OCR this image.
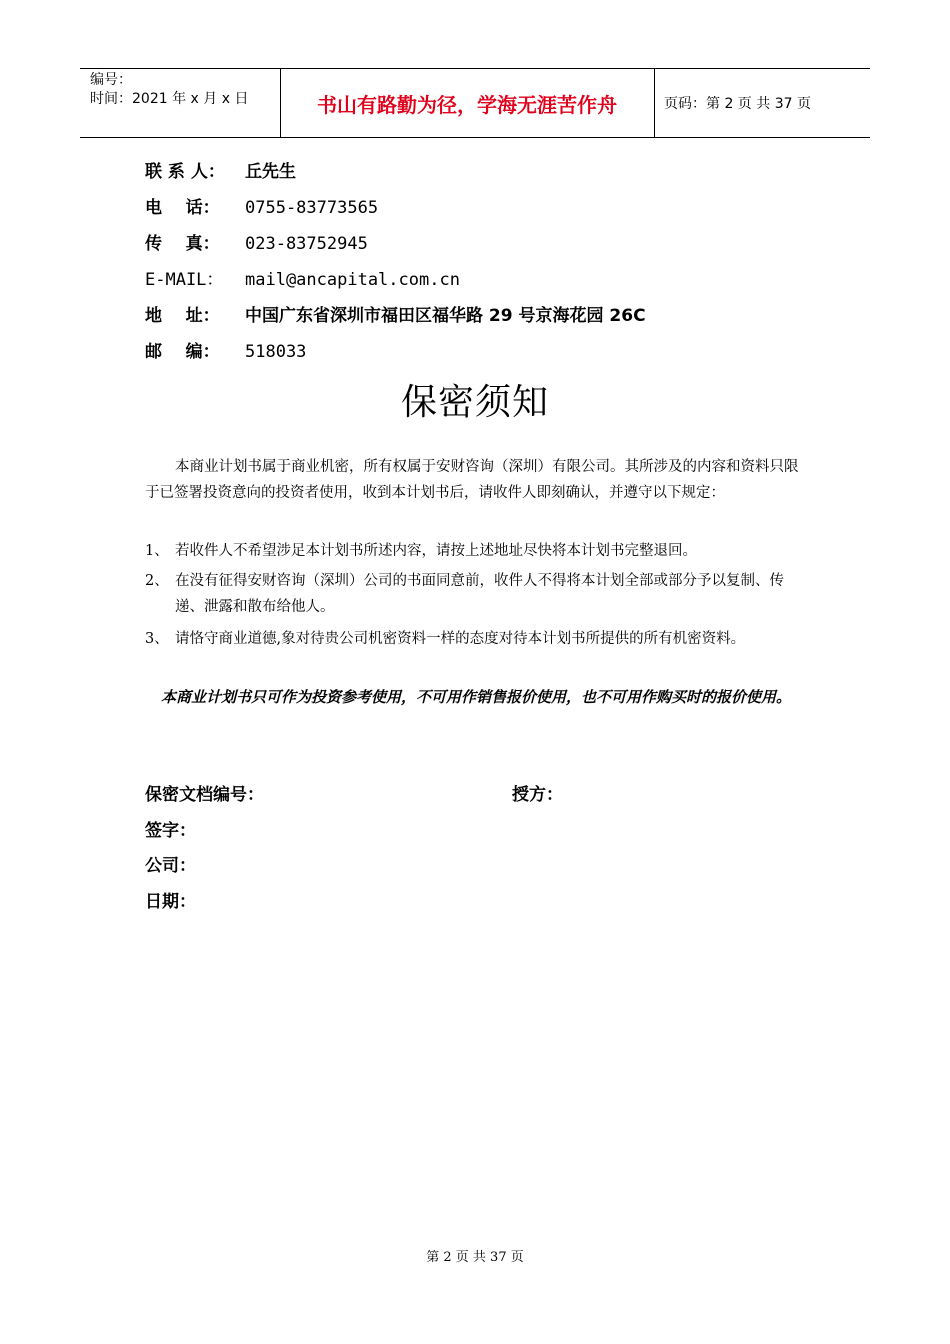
编号：
时间：2021 年 x 月 x 日	书山有路勤为径，学海无涯苦作舟	页码：第 2 页 共 37 页
联 系 人：	丘先生
电    话：	0755-83773565
传    真：	023-83752945
E-MAIL：	mail@ancapital.com.cn
地    址：	中国广东省深圳市福田区福华路 29 号京海花园 26C
邮    编：	518033
保密须知
本商业计划书属于商业机密，所有权属于安财咨询（深圳）有限公司。其所涉及的内容和资料只限于已签署投资意向的投资者使用，收到本计划书后，请收件人即刻确认，并遵守以下规定：
1、 若收件人不希望涉足本计划书所述内容，请按上述地址尽快将本计划书完整退回。
2、 在没有征得安财咨询（深圳）公司的书面同意前，收件人不得将本计划全部或部分予以复制、传递、泄露和散布给他人。
3、 请恪守商业道德,象对待贵公司机密资料一样的态度对待本计划书所提供的所有机密资料。
本商业计划书只可作为投资参考使用，不可用作销售报价使用，也不可用作购买时的报价使用。
保密文档编号：	授方：
签字：
公司：
日期：
第 2 页 共 37 页
